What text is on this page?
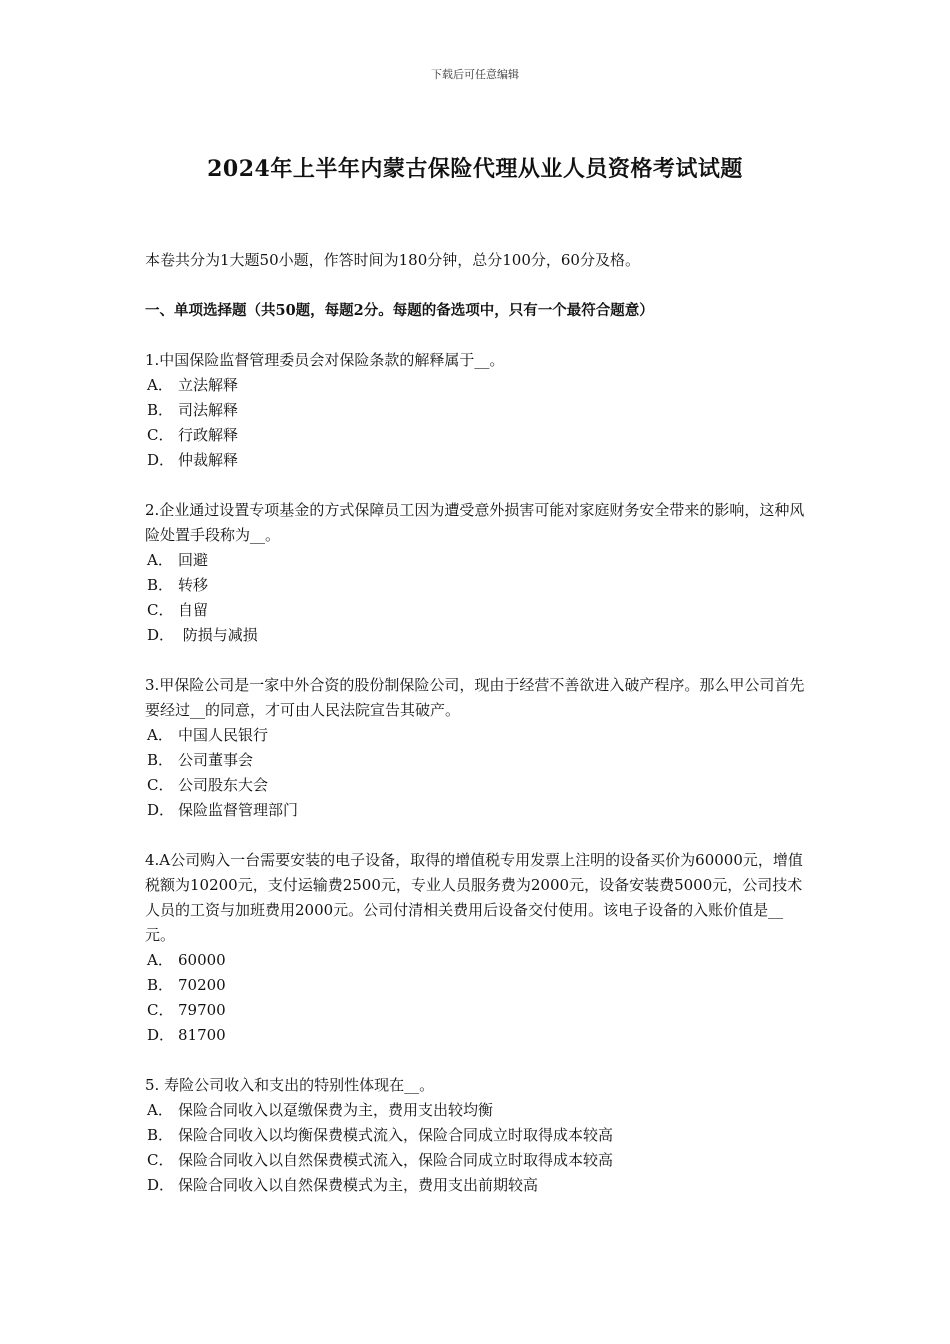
下载后可任意编辑
2024年上半年内蒙古保险代理从业人员资格考试试题

本卷共分为1大题50小题，作答时间为180分钟，总分100分，60分及格。

一、单项选择题（共50题，每题2分。每题的备选项中，只有一个最符合题意）

1.中国保险监督管理委员会对保险条款的解释属于__。

A． 立法解释
B． 司法解释
C． 行政解释
D． 仲裁解释

2.企业通过设置专项基金的方式保障员工因为遭受意外损害可能对家庭财务安全带来的影响，这种风险处置手段称为__。

A． 回避
B． 转移
C． 自留
D． 防损与减损

3.甲保险公司是一家中外合资的股份制保险公司，现由于经营不善欲进入破产程序。那么甲公司首先要经过__的同意，才可由人民法院宣告其破产。

A． 中国人民银行
B． 公司董事会
C． 公司股东大会
D． 保险监督管理部门

4.A公司购入一台需要安装的电子设备，取得的增值税专用发票上注明的设备买价为60000元，增值税额为10200元，支付运输费2500元，专业人员服务费为2000元，设备安装费5000元，公司技术人员的工资与加班费用2000元。公司付清相关费用后设备交付使用。该电子设备的入账价值是__元。

A． 60000
B． 70200
C． 79700
D． 81700

5. 寿险公司收入和支出的特别性体现在__。

A． 保险合同收入以趸缴保费为主，费用支出较均衡
B． 保险合同收入以均衡保费模式流入，保险合同成立时取得成本较高
C． 保险合同收入以自然保费模式流入，保险合同成立时取得成本较高
D． 保险合同收入以自然保费模式为主，费用支出前期较高
